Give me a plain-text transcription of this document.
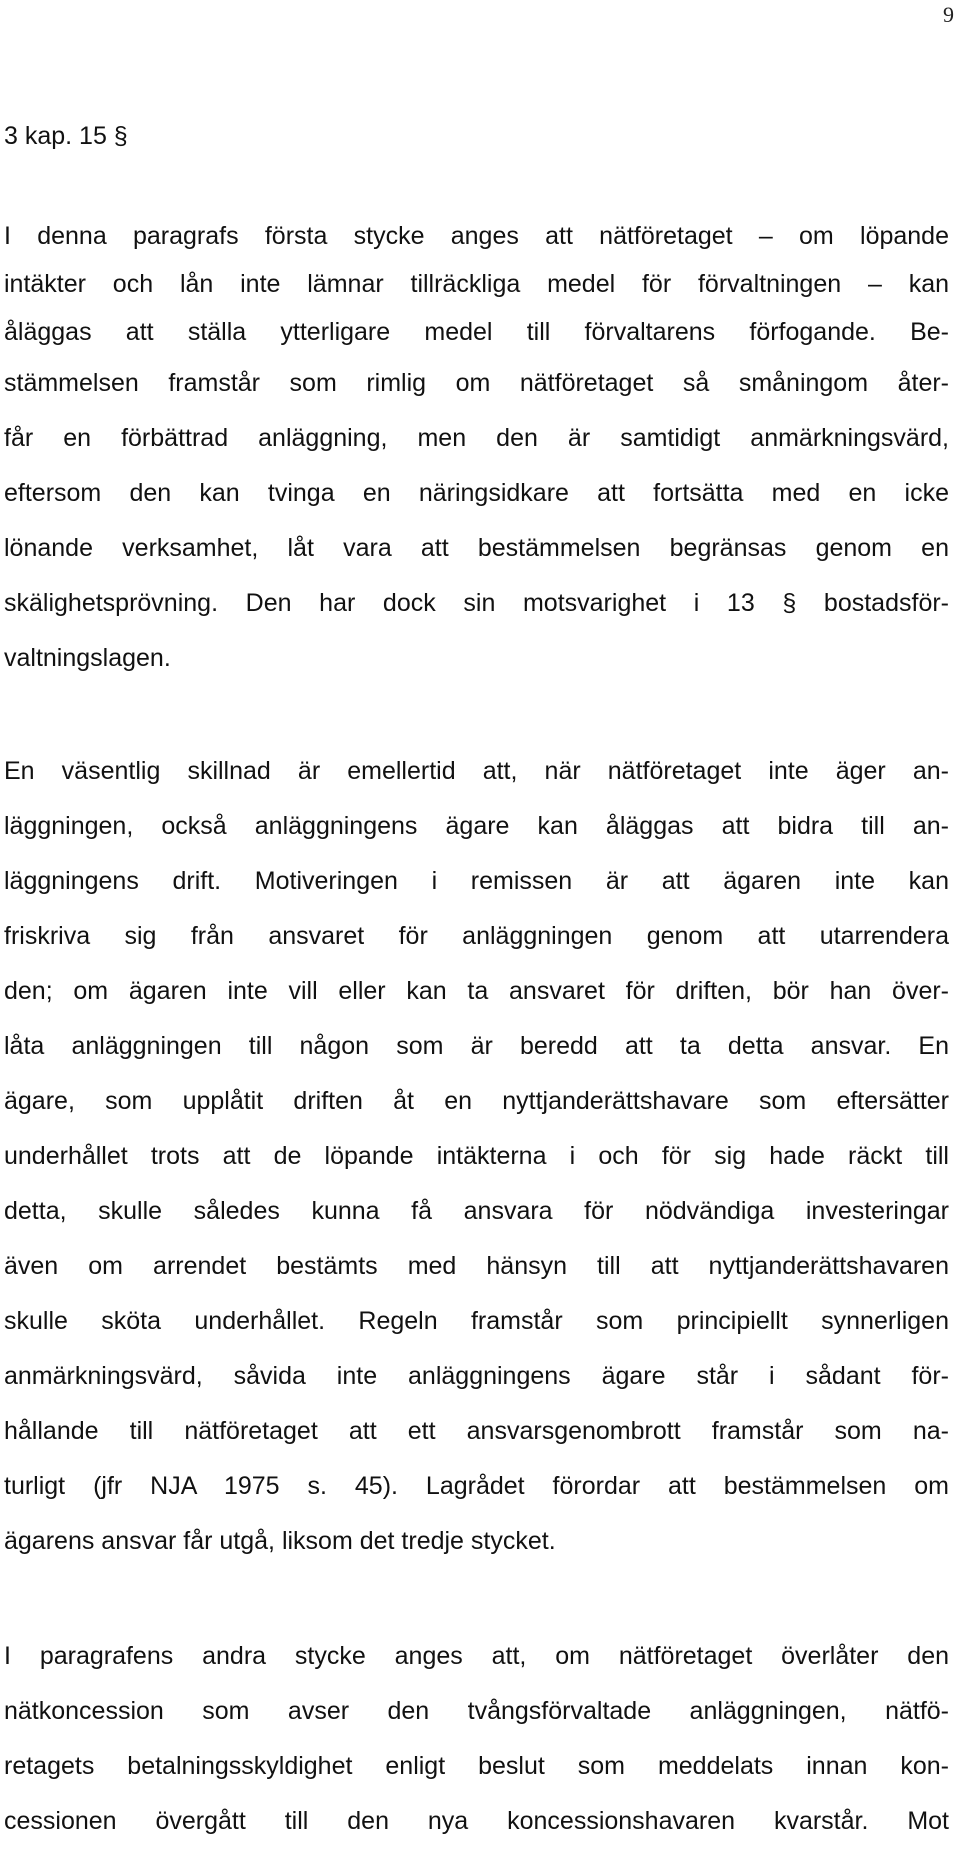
9
3 kap. 15 §
I denna paragrafs första stycke anges att nätföretaget – om löpande
intäkter och lån inte lämnar tillräckliga medel för förvaltningen – kan
åläggas att ställa ytterligare medel till förvaltarens förfogande. Be-
stämmelsen framstår som rimlig om nätföretaget så småningom åter-
får en förbättrad anläggning, men den är samtidigt anmärkningsvärd,
eftersom den kan tvinga en näringsidkare att fortsätta med en icke
lönande verksamhet, låt vara att bestämmelsen begränsas genom en
skälighetsprövning. Den har dock sin motsvarighet i 13 § bostadsför-
valtningslagen.
En väsentlig skillnad är emellertid att, när nätföretaget inte äger an-
läggningen, också anläggningens ägare kan åläggas att bidra till an-
läggningens drift. Motiveringen i remissen är att ägaren inte kan
friskriva sig från ansvaret för anläggningen genom att utarrendera
den; om ägaren inte vill eller kan ta ansvaret för driften, bör han över-
låta anläggningen till någon som är beredd att ta detta ansvar. En
ägare, som upplåtit driften åt en nyttjanderättshavare som eftersätter
underhållet trots att de löpande intäkterna i och för sig hade räckt till
detta, skulle således kunna få ansvara för nödvändiga investeringar
även om arrendet bestämts med hänsyn till att nyttjanderättshavaren
skulle sköta underhållet. Regeln framstår som principiellt synnerligen
anmärkningsvärd, såvida inte anläggningens ägare står i sådant för-
hållande till nätföretaget att ett ansvarsgenombrott framstår som na-
turligt (jfr NJA 1975 s. 45). Lagrådet förordar att bestämmelsen om
ägarens ansvar får utgå, liksom det tredje stycket.
I paragrafens andra stycke anges att, om nätföretaget överlåter den
nätkoncession som avser den tvångsförvaltade anläggningen, nätfö-
retagets betalningsskyldighet enligt beslut som meddelats innan kon-
cessionen övergått till den nya koncessionshavaren kvarstår. Mot
